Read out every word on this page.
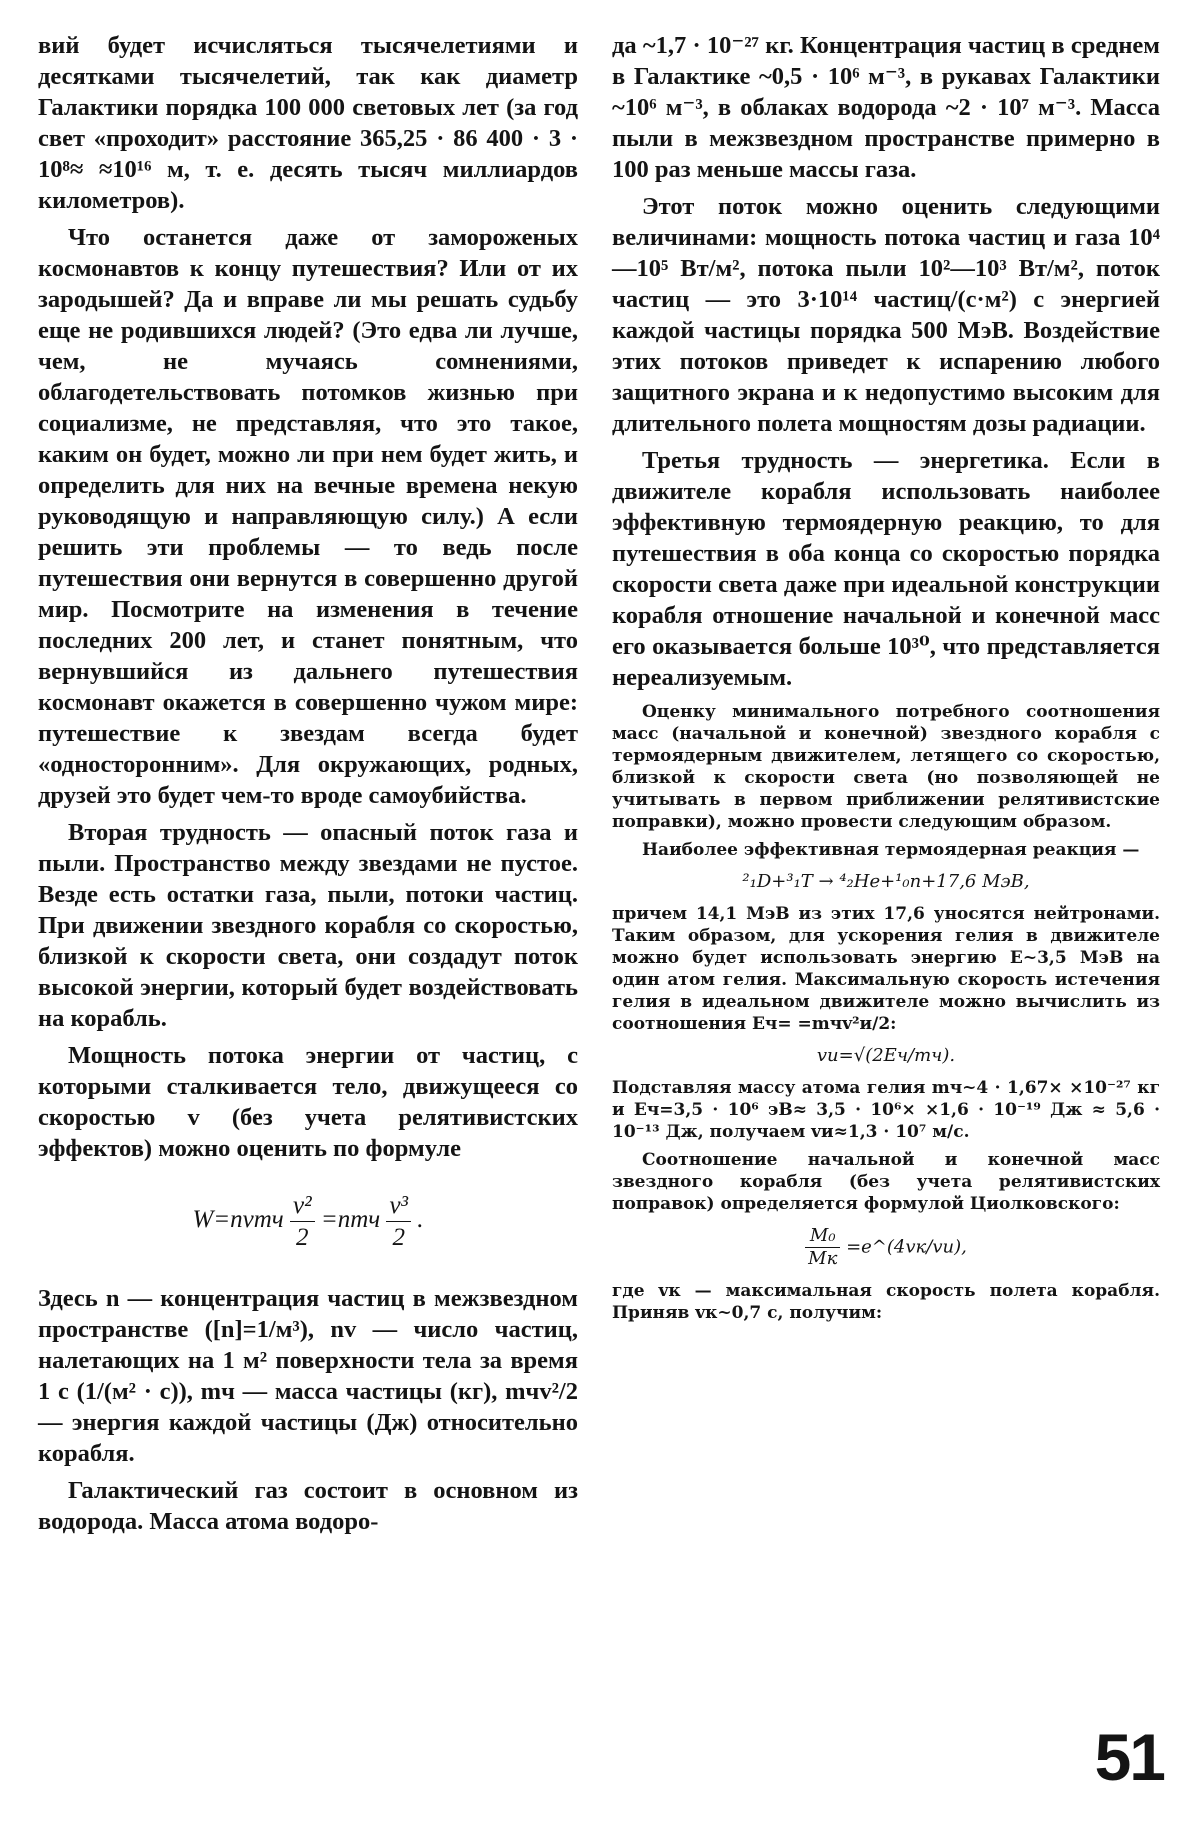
вий будет исчисляться тысячелетиями и десятками тысячелетий, так как диаметр Галактики порядка 100 000 световых лет (за год свет «проходит» расстояние 365,25 · 86 400 · 3 · 10⁸≈ ≈10¹⁶ м, т. е. десять тысяч миллиардов километров).

Что останется даже от замороженых космонавтов к концу путешествия? Или от их зародышей? Да и вправе ли мы решать судьбу еще не родившихся людей? (Это едва ли лучше, чем, не мучаясь сомнениями, облагодетельствовать потомков жизнью при социализме, не представляя, что это такое, каким он будет, можно ли при нем будет жить, и определить для них на вечные времена некую руководящую и направляющую силу.) А если решить эти проблемы — то ведь после путешествия они вернутся в совершенно другой мир. Посмотрите на изменения в течение последних 200 лет, и станет понятным, что вернувшийся из дальнего путешествия космонавт окажется в совершенно чужом мире: путешествие к звездам всегда будет «односторонним». Для окружающих, родных, друзей это будет чем-то вроде самоубийства.

Вторая трудность — опасный поток газа и пыли. Пространство между звездами не пустое. Везде есть остатки газа, пыли, потоки частиц. При движении звездного корабля со скоростью, близкой к скорости света, они создадут поток высокой энергии, который будет воздействовать на корабль.

Мощность потока энергии от частиц, с которыми сталкивается тело, движущееся со скоростью v (без учета релятивистских эффектов) можно оценить по формуле

W=nvmч $\frac{\text{v²}}{2} =nmч \frac{\text{v³}}{2}$ .

Здесь n — концентрация частиц в межзвездном пространстве ([n]=1/м³), nv — число частиц, налетающих на 1 м² поверхности тела за время 1 с (1/(м² · с)), mч — масса частицы (кг), mчv²/2 — энергия каждой частицы (Дж) относительно корабля.

Галактический газ состоит в основном из водорода. Масса атома водоро-

да ~1,7 · 10⁻²⁷ кг. Концентрация частиц в среднем в Галактике ~0,5 · 10⁶ м⁻³, в рукавах Галактики ~10⁶ м⁻³, в облаках водорода ~2 · 10⁷ м⁻³. Масса пыли в межзвездном пространстве примерно в 100 раз меньше массы газа.

Этот поток можно оценить следующими величинами: мощность потока частиц и газа 10⁴—10⁵ Вт/м², потока пыли 10²—10³ Вт/м², поток частиц — это 3·10¹⁴ частиц/(с·м²) с энергией каждой частицы порядка 500 МэВ. Воздействие этих потоков приведет к испарению любого защитного экрана и к недопустимо высоким для длительного полета мощностям дозы радиации.

Третья трудность — энергетика. Если в движителе корабля использовать наиболее эффективную термоядерную реакцию, то для путешествия в оба конца со скоростью порядка скорости света даже при идеальной конструкции корабля отношение начальной и конечной масс его оказывается больше 10³⁰, что представляется нереализуемым.

Оценку минимального потребного соотношения масс (начальной и конечной) звездного корабля с термоядерным движителем, летящего со скоростью, близкой к скорости света (но позволяющей не учитывать в первом приближении релятивистские поправки), можно провести следующим образом.

Наиболее эффективная термоядерная реакция —

²₁D+³₁T → ⁴₂He+¹₀n+17,6 МэВ,

причем 14,1 МэВ из этих 17,6 уносятся нейтронами. Таким образом, для ускорения гелия в движителе можно будет использовать энергию E~3,5 МэВ на один атом гелия. Максимальную скорость истечения гелия в идеальном движителе можно вычислить из соотношения Eч= =mчv²и/2:

vи=√(2Eч/mч).

Подставляя массу атома гелия mч~4 · 1,67× ×10⁻²⁷ кг и Eч=3,5 · 10⁶ эВ≈ 3,5 · 10⁶× ×1,6 · 10⁻¹⁹ Дж ≈ 5,6 · 10⁻¹³ Дж, получаем vи≈1,3 · 10⁷ м/с.

Соотношение начальной и конечной масс звездного корабля (без учета релятивистских поправок) определяется формулой Циолковского:

$\frac{\text{M₀}}{Mк}$ =e^(4vк/vи),

где vк — максимальная скорость полета корабля. Приняв vк~0,7 c, получим:

51
